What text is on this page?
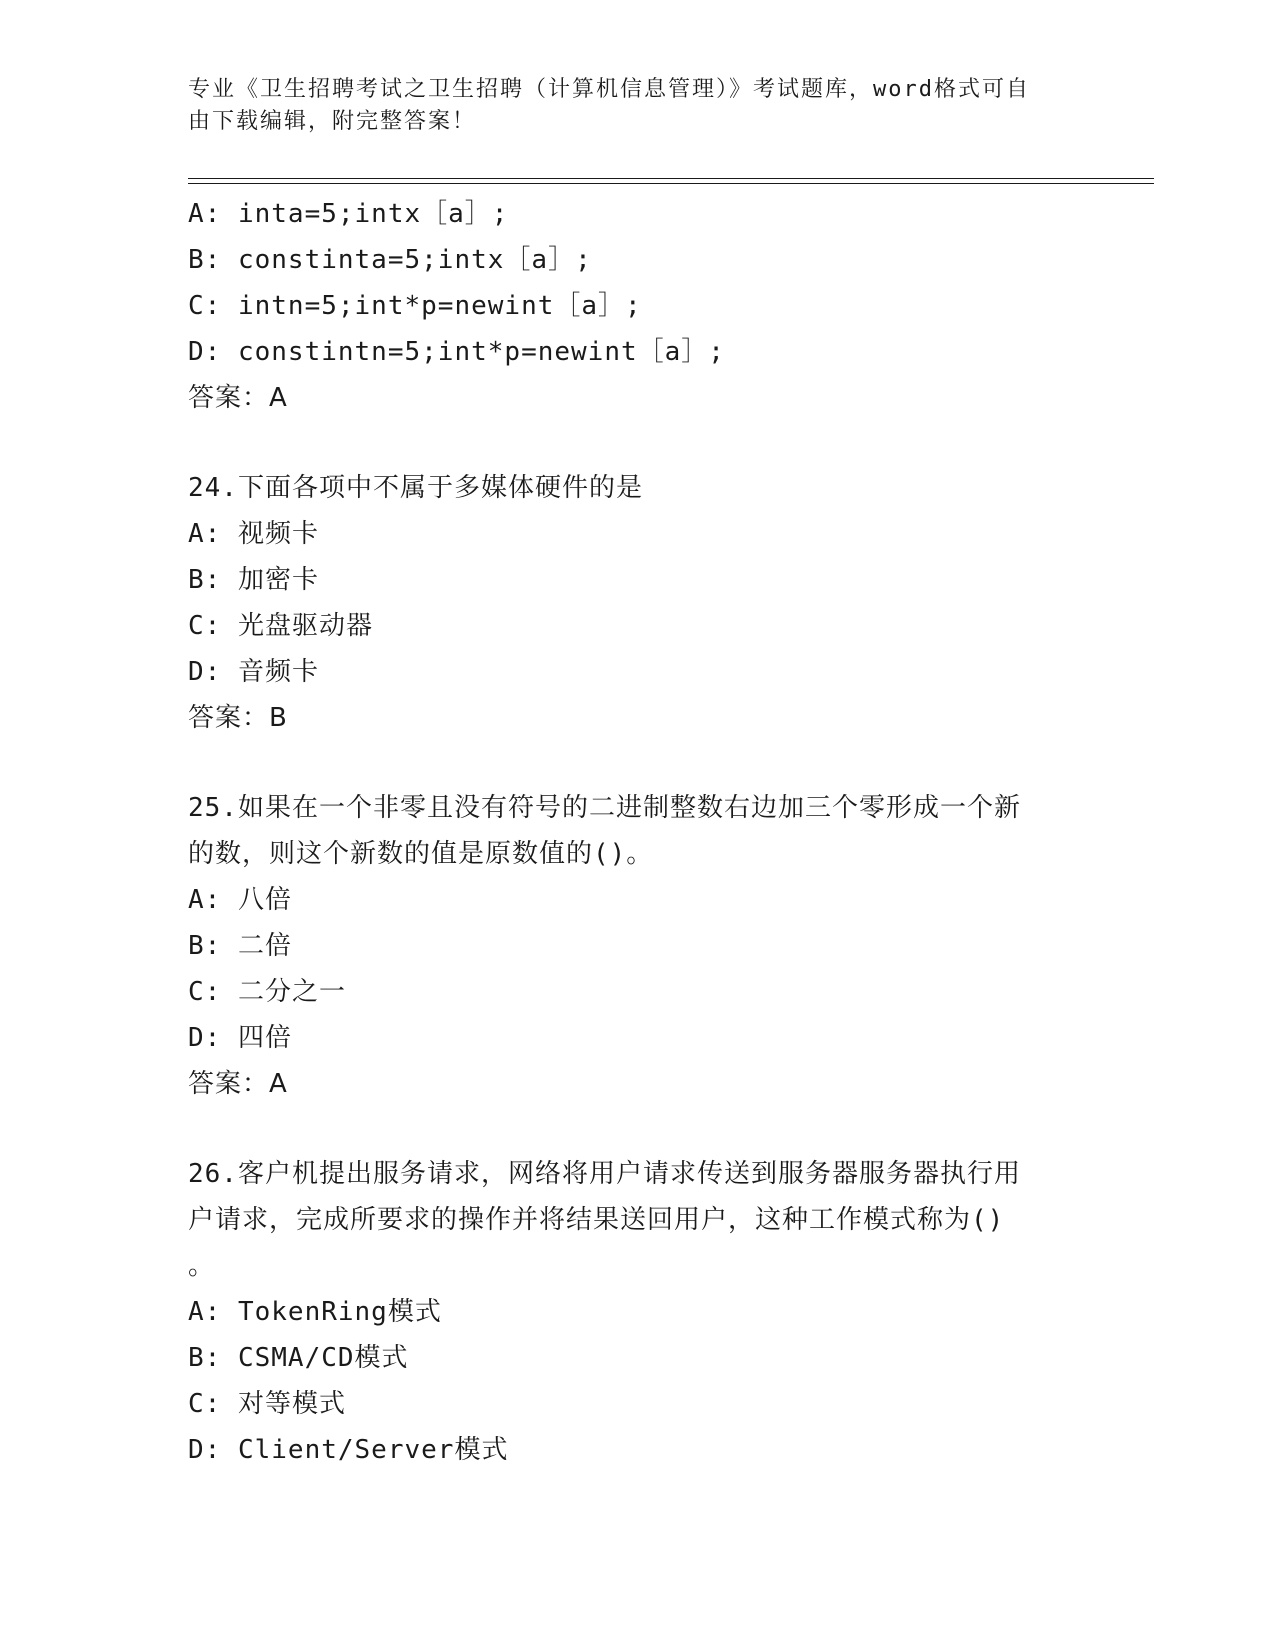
专业《卫生招聘考试之卫生招聘（计算机信息管理）》考试题库，word格式可自
由下载编辑，附完整答案！
A: inta=5;intx［a］;
B: constinta=5;intx［a］;
C: intn=5;int*p=newint［a］;
D: constintn=5;int*p=newint［a］;
答案：A
24.下面各项中不属于多媒体硬件的是
A: 视频卡
B: 加密卡
C: 光盘驱动器
D: 音频卡
答案：B
25.如果在一个非零且没有符号的二进制整数右边加三个零形成一个新
的数，则这个新数的值是原数值的()。
A: 八倍
B: 二倍
C: 二分之一
D: 四倍
答案：A
26.客户机提出服务请求，网络将用户请求传送到服务器服务器执行用
户请求，完成所要求的操作并将结果送回用户，这种工作模式称为()
。
A: TokenRing模式
B: CSMA/CD模式
C: 对等模式
D: Client/Server模式
